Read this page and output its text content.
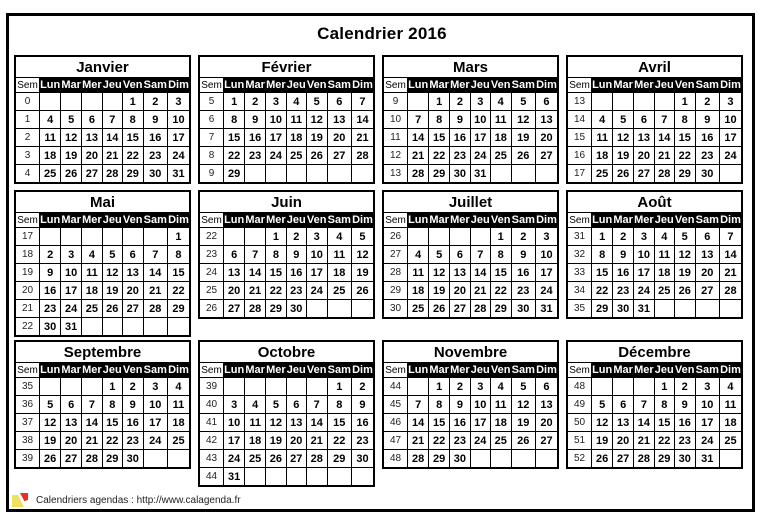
Calendrier 2016
Janvier							
Sem	Lun	Mar	Mer	Jeu	Ven	Sam	Dim
0					1	2	3
1	4	5	6	7	8	9	10
2	11	12	13	14	15	16	17
3	18	19	20	21	22	23	24
4	25	26	27	28	29	30	31
Février							
Sem	Lun	Mar	Mer	Jeu	Ven	Sam	Dim
5	1	2	3	4	5	6	7
6	8	9	10	11	12	13	14
7	15	16	17	18	19	20	21
8	22	23	24	25	26	27	28
9	29						
Mars							
Sem	Lun	Mar	Mer	Jeu	Ven	Sam	Dim
9		1	2	3	4	5	6
10	7	8	9	10	11	12	13
11	14	15	16	17	18	19	20
12	21	22	23	24	25	26	27
13	28	29	30	31			
Avril							
Sem	Lun	Mar	Mer	Jeu	Ven	Sam	Dim
13					1	2	3
14	4	5	6	7	8	9	10
15	11	12	13	14	15	16	17
16	18	19	20	21	22	23	24
17	25	26	27	28	29	30	
Mai							
Sem	Lun	Mar	Mer	Jeu	Ven	Sam	Dim
17							1
18	2	3	4	5	6	7	8
19	9	10	11	12	13	14	15
20	16	17	18	19	20	21	22
21	23	24	25	26	27	28	29
22	30	31					
Juin							
Sem	Lun	Mar	Mer	Jeu	Ven	Sam	Dim
22			1	2	3	4	5
23	6	7	8	9	10	11	12
24	13	14	15	16	17	18	19
25	20	21	22	23	24	25	26
26	27	28	29	30			
Juillet							
Sem	Lun	Mar	Mer	Jeu	Ven	Sam	Dim
26					1	2	3
27	4	5	6	7	8	9	10
28	11	12	13	14	15	16	17
29	18	19	20	21	22	23	24
30	25	26	27	28	29	30	31
Août							
Sem	Lun	Mar	Mer	Jeu	Ven	Sam	Dim
31	1	2	3	4	5	6	7
32	8	9	10	11	12	13	14
33	15	16	17	18	19	20	21
34	22	23	24	25	26	27	28
35	29	30	31				
Septembre							
Sem	Lun	Mar	Mer	Jeu	Ven	Sam	Dim
35				1	2	3	4
36	5	6	7	8	9	10	11
37	12	13	14	15	16	17	18
38	19	20	21	22	23	24	25
39	26	27	28	29	30		
Octobre							
Sem	Lun	Mar	Mer	Jeu	Ven	Sam	Dim
39						1	2
40	3	4	5	6	7	8	9
41	10	11	12	13	14	15	16
42	17	18	19	20	21	22	23
43	24	25	26	27	28	29	30
44	31						
Novembre							
Sem	Lun	Mar	Mer	Jeu	Ven	Sam	Dim
44		1	2	3	4	5	6
45	7	8	9	10	11	12	13
46	14	15	16	17	18	19	20
47	21	22	23	24	25	26	27
48	28	29	30				
Décembre							
Sem	Lun	Mar	Mer	Jeu	Ven	Sam	Dim
48				1	2	3	4
49	5	6	7	8	9	10	11
50	12	13	14	15	16	17	18
51	19	20	21	22	23	24	25
52	26	27	28	29	30	31	
Calendriers agendas : http://www.calagenda.fr
